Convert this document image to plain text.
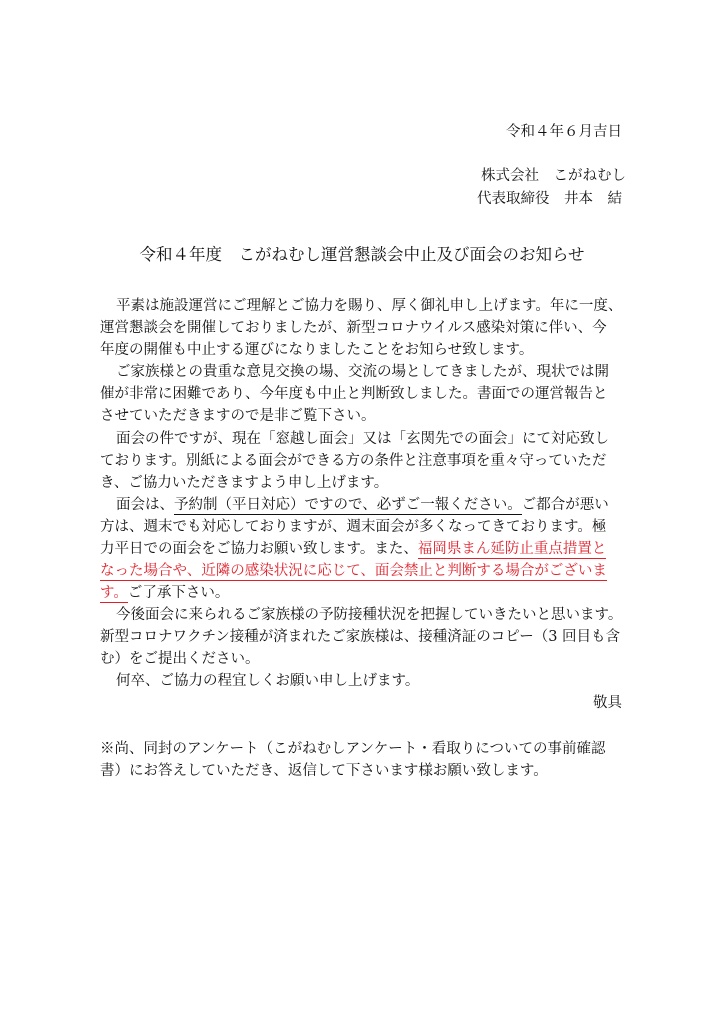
令和４年６月吉日
株式会社　こがねむし
代表取締役　井本　結
令和４年度　こがねむし運営懇談会中止及び面会のお知らせ
平素は施設運営にご理解とご協力を賜り、厚く御礼申し上げます。年に一度、
運営懇談会を開催しておりましたが、新型コロナウイルス感染対策に伴い、今
年度の開催も中止する運びになりましたことをお知らせ致します。
ご家族様との貴重な意見交換の場、交流の場としてきましたが、現状では開
催が非常に困難であり、今年度も中止と判断致しました。書面での運営報告と
させていただきますので是非ご覧下さい。
面会の件ですが、現在「窓越し面会」又は「玄関先での面会」にて対応致し
ております。別紙による面会ができる方の条件と注意事項を重々守っていただ
き、ご協力いただきますよう申し上げます。
面会は、予約制（平日対応）ですので、必ずご一報ください。ご都合が悪い
方は、週末でも対応しておりますが、週末面会が多くなってきております。極
力平日での面会をご協力お願い致します。また、福岡県まん延防止重点措置と
なった場合や、近隣の感染状況に応じて、面会禁止と判断する場合がございま
す。ご了承下さい。
今後面会に来られるご家族様の予防接種状況を把握していきたいと思います。
新型コロナワクチン接種が済まれたご家族様は、接種済証のコピー（3 回目も含
む）をご提出ください。
何卒、ご協力の程宜しくお願い申し上げます。
敬具
※尚、同封のアンケート（こがねむしアンケート・看取りについての事前確認
書）にお答えしていただき、返信して下さいます様お願い致します。
